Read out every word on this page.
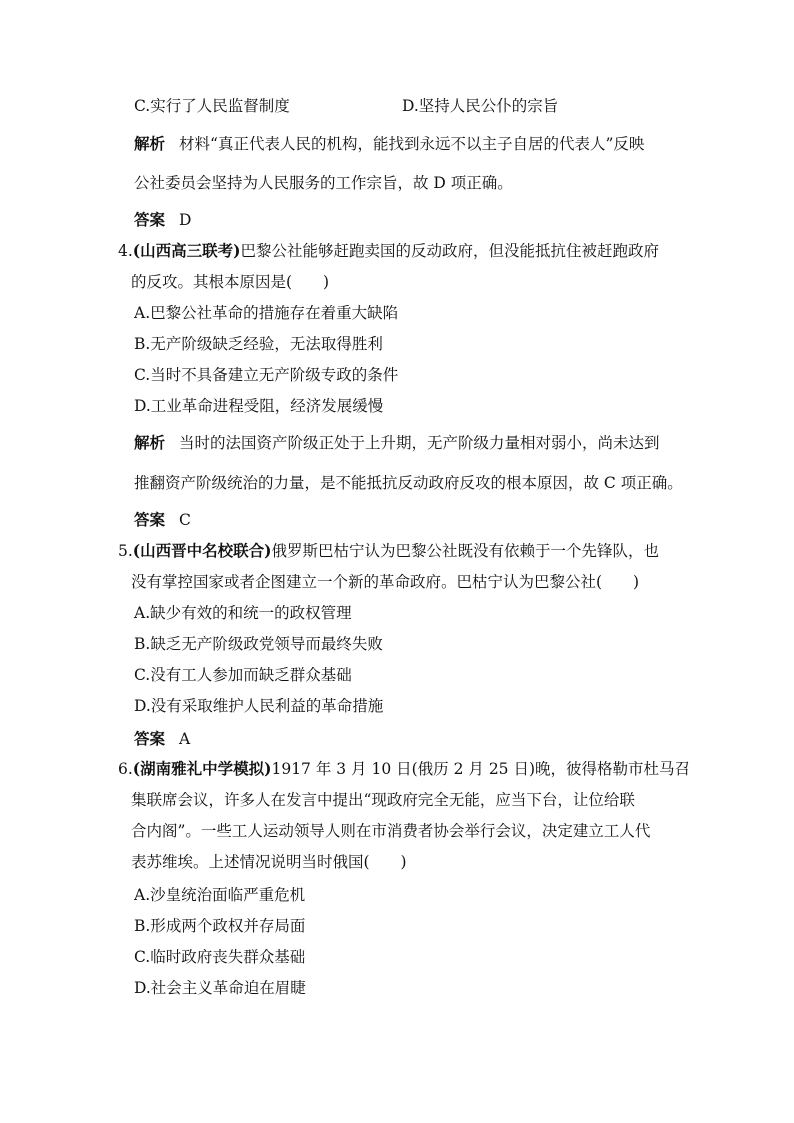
C.实行了人民监督制度	D.坚持人民公仆的宗旨
解析 材料“真正代表人民的机构，能找到永远不以主子自居的代表人”反映
公社委员会坚持为人民服务的工作宗旨，故 D 项正确。
答案 D
4.(山西高三联考)巴黎公社能够赶跑卖国的反动政府，但没能抵抗住被赶跑政府
的反攻。其根本原因是(　　)
A.巴黎公社革命的措施存在着重大缺陷
B.无产阶级缺乏经验，无法取得胜利
C.当时不具备建立无产阶级专政的条件
D.工业革命进程受阻，经济发展缓慢
解析 当时的法国资产阶级正处于上升期，无产阶级力量相对弱小，尚未达到
推翻资产阶级统治的力量，是不能抵抗反动政府反攻的根本原因，故 C 项正确。
答案 C
5.(山西晋中名校联合)俄罗斯巴枯宁认为巴黎公社既没有依赖于一个先锋队，也
没有掌控国家或者企图建立一个新的革命政府。巴枯宁认为巴黎公社(　　)
A.缺少有效的和统一的政权管理
B.缺乏无产阶级政党领导而最终失败
C.没有工人参加而缺乏群众基础
D.没有采取维护人民利益的革命措施
答案 A
6.(湖南雅礼中学模拟)1917 年 3 月 10 日(俄历 2 月 25 日)晚，彼得格勒市杜马召
集联席会议，许多人在发言中提出“现政府完全无能，应当下台，让位给联
合内阁”。一些工人运动领导人则在市消费者协会举行会议，决定建立工人代
表苏维埃。上述情况说明当时俄国(　　)
A.沙皇统治面临严重危机
B.形成两个政权并存局面
C.临时政府丧失群众基础
D.社会主义革命迫在眉睫
